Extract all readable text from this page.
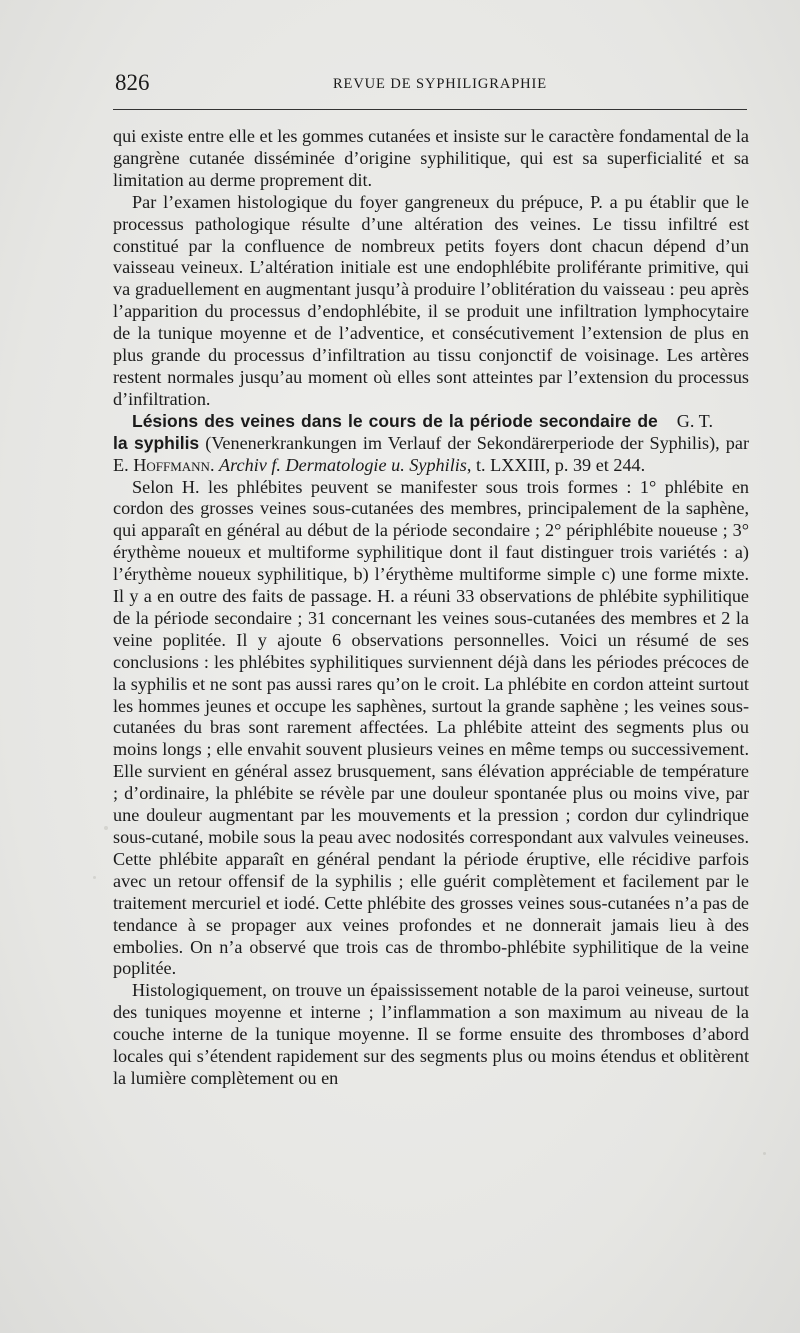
826	REVUE DE SYPHILIGRAPHIE

qui existe entre elle et les gommes cutanées et insiste sur le caractère fondamental de la gangrène cutanée disséminée d’origine syphilitique, qui est sa superficialité et sa limitation au derme proprement dit.

Par l’examen histologique du foyer gangreneux du prépuce, P. a pu établir que le processus pathologique résulte d’une altération des veines. Le tissu infiltré est constitué par la confluence de nombreux petits foyers dont chacun dépend d’un vaisseau veineux. L’altération initiale est une endophlébite proliférante primitive, qui va graduellement en augmentant jusqu’à produire l’oblitération du vaisseau : peu après l’apparition du processus d’endophlébite, il se produit une infiltration lymphocytaire de la tunique moyenne et de l’adventice, et consécutivement l’extension de plus en plus grande du processus d’infiltration au tissu conjonctif de voisinage. Les artères restent normales jusqu’au moment où elles sont atteintes par l’extension du processus d’infiltration.
G. T.

Lésions des veines dans le cours de la période secondaire de la syphilis (Venenerkrankungen im Verlauf der Sekondärerperiode der Syphilis), par E. Hoffmann. Archiv f. Dermatologie u. Syphilis, t. LXXIII, p. 39 et 244.

Selon H. les phlébites peuvent se manifester sous trois formes : 1° phlébite en cordon des grosses veines sous-cutanées des membres, principalement de la saphène, qui apparaît en général au début de la période secondaire ; 2° périphlébite noueuse ; 3° érythème noueux et multiforme syphilitique dont il faut distinguer trois variétés : a) l’érythème noueux syphilitique, b) l’érythème multiforme simple c) une forme mixte. Il y a en outre des faits de passage. H. a réuni 33 observations de phlébite syphilitique de la période secondaire ; 31 concernant les veines sous-cutanées des membres et 2 la veine poplitée. Il y ajoute 6 observations personnelles. Voici un résumé de ses conclusions : les phlébites syphilitiques surviennent déjà dans les périodes précoces de la syphilis et ne sont pas aussi rares qu’on le croit. La phlébite en cordon atteint surtout les hommes jeunes et occupe les saphènes, surtout la grande saphène ; les veines sous-cutanées du bras sont rarement affectées. La phlébite atteint des segments plus ou moins longs ; elle envahit souvent plusieurs veines en même temps ou successivement. Elle survient en général assez brusquement, sans élévation appréciable de température ; d’ordinaire, la phlébite se révèle par une douleur spontanée plus ou moins vive, par une douleur augmentant par les mouvements et la pression ; cordon dur cylindrique sous-cutané, mobile sous la peau avec nodosités correspondant aux valvules veineuses. Cette phlébite apparaît en général pendant la période éruptive, elle récidive parfois avec un retour offensif de la syphilis ; elle guérit complètement et facilement par le traitement mercuriel et iodé. Cette phlébite des grosses veines sous-cutanées n’a pas de tendance à se propager aux veines profondes et ne donnerait jamais lieu à des embolies. On n’a observé que trois cas de thrombo-phlébite syphilitique de la veine poplitée.

Histologiquement, on trouve un épaississement notable de la paroi veineuse, surtout des tuniques moyenne et interne ; l’inflammation a son maximum au niveau de la couche interne de la tunique moyenne. Il se forme ensuite des thromboses d’abord locales qui s’étendent rapidement sur des segments plus ou moins étendus et oblitèrent la lumière complètement ou en
